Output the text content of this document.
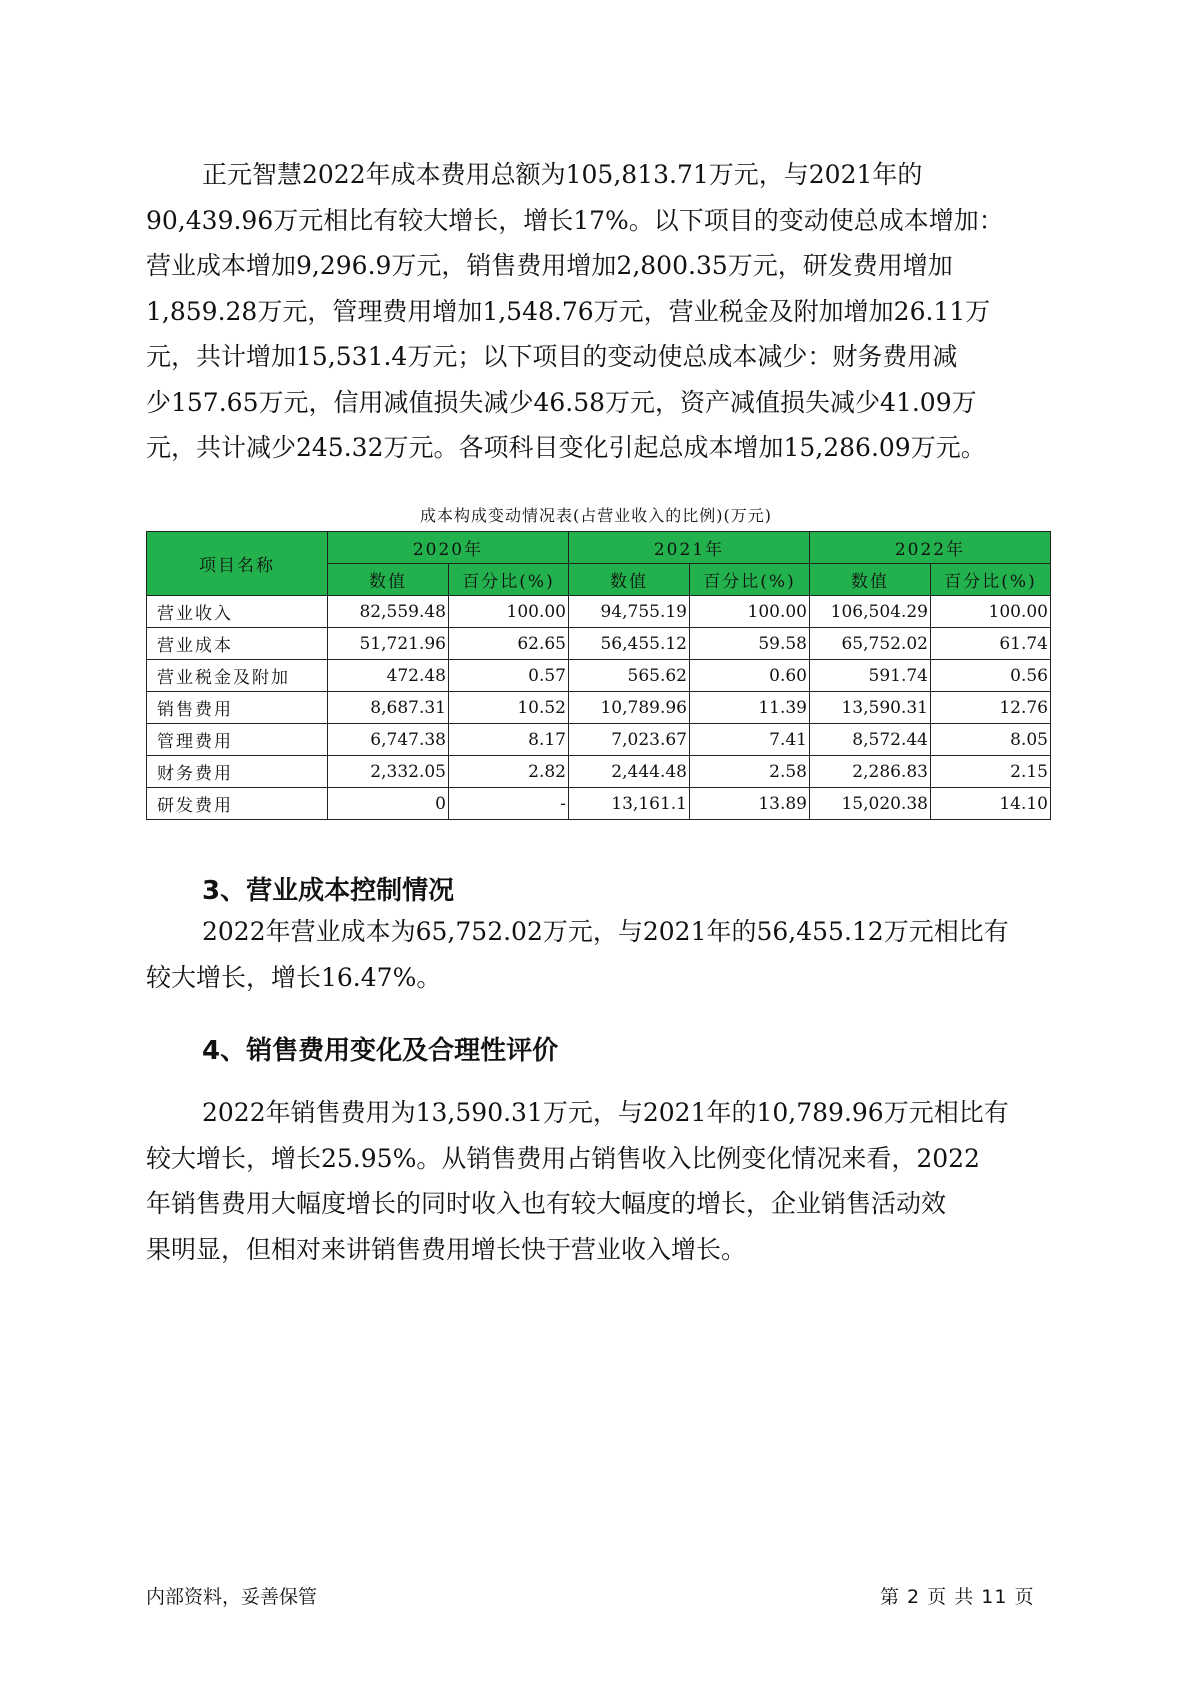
正元智慧2022年成本费用总额为105,813.71万元，与2021年的
90,439.96万元相比有较大增长，增长17%。以下项目的变动使总成本增加：
营业成本增加9,296.9万元，销售费用增加2,800.35万元，研发费用增加
1,859.28万元，管理费用增加1,548.76万元，营业税金及附加增加26.11万
元，共计增加15,531.4万元；以下项目的变动使总成本减少：财务费用减
少157.65万元，信用减值损失减少46.58万元，资产减值损失减少41.09万
元，共计减少245.32万元。各项科目变化引起总成本增加15,286.09万元。
成本构成变动情况表(占营业收入的比例)(万元)
项目名称	2020年		2021年		2022年	
	数值	百分比(%)	数值	百分比(%)	数值	百分比(%)
营业收入	82,559.48	100.00	94,755.19	100.00	106,504.29	100.00
营业成本	51,721.96	62.65	56,455.12	59.58	65,752.02	61.74
营业税金及附加	472.48	0.57	565.62	0.60	591.74	0.56
销售费用	8,687.31	10.52	10,789.96	11.39	13,590.31	12.76
管理费用	6,747.38	8.17	7,023.67	7.41	8,572.44	8.05
财务费用	2,332.05	2.82	2,444.48	2.58	2,286.83	2.15
研发费用	0	-	13,161.1	13.89	15,020.38	14.10
3、营业成本控制情况
2022年营业成本为65,752.02万元，与2021年的56,455.12万元相比有
较大增长，增长16.47%。
4、销售费用变化及合理性评价
2022年销售费用为13,590.31万元，与2021年的10,789.96万元相比有
较大增长，增长25.95%。从销售费用占销售收入比例变化情况来看，2022
年销售费用大幅度增长的同时收入也有较大幅度的增长，企业销售活动效
果明显，但相对来讲销售费用增长快于营业收入增长。
内部资料，妥善保管	第 2 页 共 11 页
